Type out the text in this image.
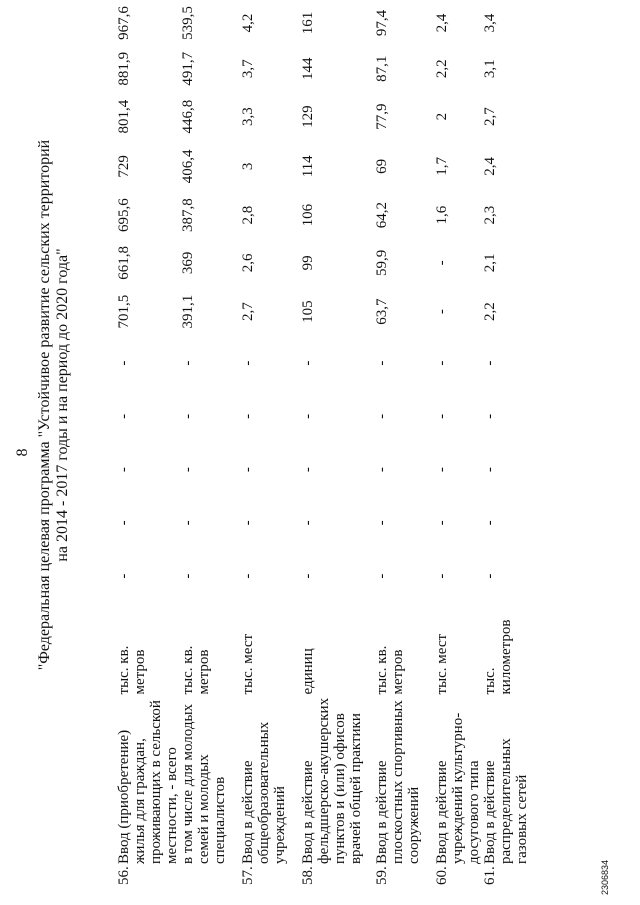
8 "Федеральная целевая программа "Устойчивое развитие сельских территорий на 2014 - 2017 годы и на период до 2020 года"
56.	Ввод (приобретение) жилья для граждан, проживающих в сельской местности, - всего	тыс. кв. метров	-	-	-	-	-	701,5	661,8	695,6	729	801,4	881,9	967,6
	в том числе для молодых семей и молодых специалистов	тыс. кв. метров	-	-	-	-	-	391,1	369	387,8	406,4	446,8	491,7	539,5
57.	Ввод в действие общеобразовательных учреждений	тыс. мест	-	-	-	-	-	2,7	2,6	2,8	3	3,3	3,7	4,2
58.	Ввод в действие фельдшерско-акушерских пунктов и (или) офисов врачей общей практики	единиц	-	-	-	-	-	105	99	106	114	129	144	161
59.	Ввод в действие плоскостных спортивных сооружений	тыс. кв. метров	-	-	-	-	-	63,7	59,9	64,2	69	77,9	87,1	97,4
60.	Ввод в действие учреждений культурно-досугового типа	тыс. мест	-	-	-	-	-	-	-	1,6	1,7	2	2,2	2,4
61.	Ввод в действие распределительных газовых сетей	тыс. километров	-	-	-	-	-	2,2	2,1	2,3	2,4	2,7	3,1	3,4
2306834
